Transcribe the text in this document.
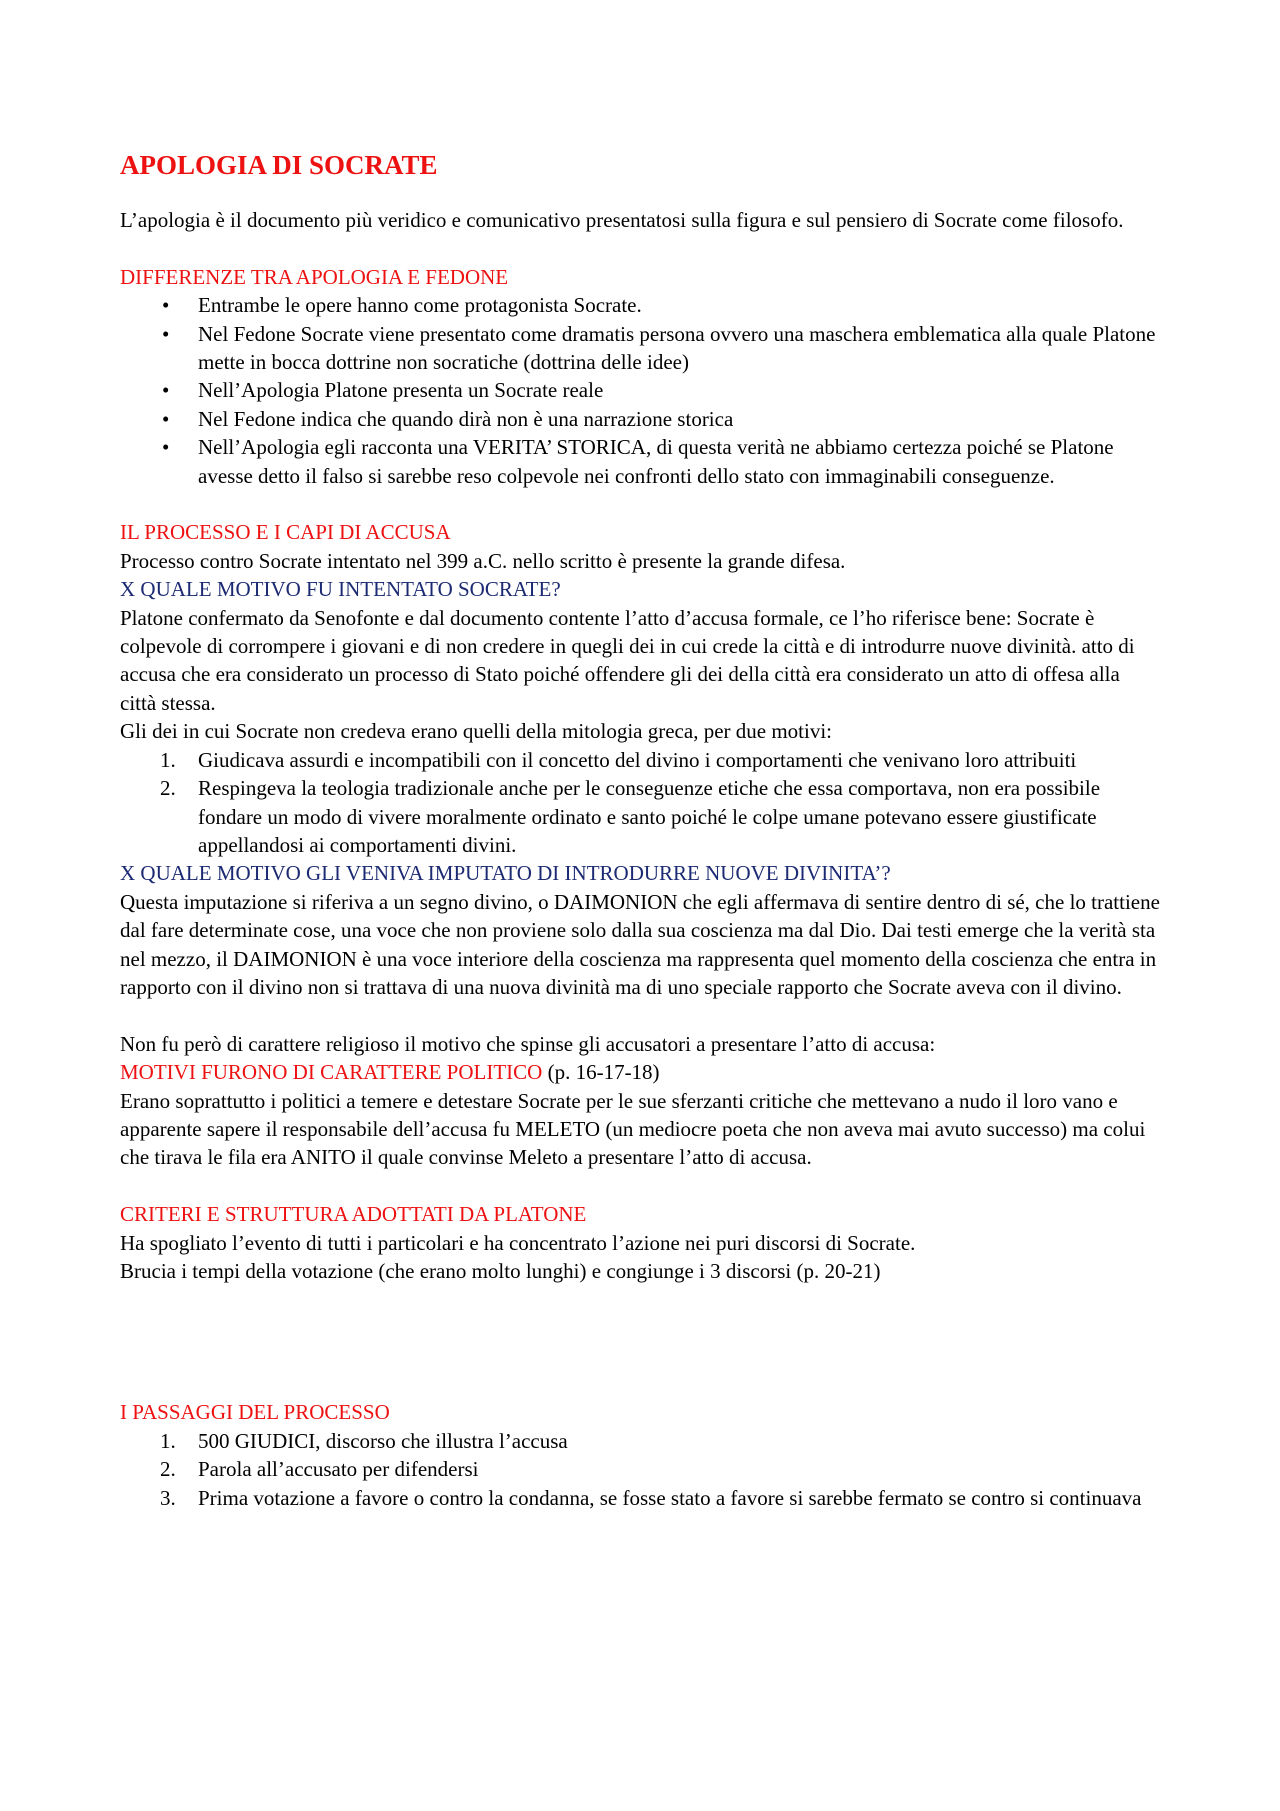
APOLOGIA DI SOCRATE

L’apologia è il documento più veridico e comunicativo presentatosi sulla figura e sul pensiero di Socrate come filosofo.

DIFFERENZE TRA APOLOGIA E FEDONE

• Entrambe le opere hanno come protagonista Socrate.
• Nel Fedone Socrate viene presentato come dramatis persona ovvero una maschera emblematica alla quale Platone mette in bocca dottrine non socratiche (dottrina delle idee)
• Nell’Apologia Platone presenta un Socrate reale
• Nel Fedone indica che quando dirà non è una narrazione storica
• Nell’Apologia egli racconta una VERITA’ STORICA, di questa verità ne abbiamo certezza poiché se Platone avesse detto il falso si sarebbe reso colpevole nei confronti dello stato con immaginabili conseguenze.

IL PROCESSO E I CAPI DI ACCUSA

Processo contro Socrate intentato nel 399 a.C. nello scritto è presente la grande difesa.

X QUALE MOTIVO FU INTENTATO SOCRATE?

Platone confermato da Senofonte e dal documento contente l’atto d’accusa formale, ce l’ho riferisce bene: Socrate è colpevole di corrompere i giovani e di non credere in quegli dei in cui crede la città e di introdurre nuove divinità. atto di accusa che era considerato un processo di Stato poiché offendere gli dei della città era considerato un atto di offesa alla città stessa.

Gli dei in cui Socrate non credeva erano quelli della mitologia greca, per due motivi:

1. Giudicava assurdi e incompatibili con il concetto del divino i comportamenti che venivano loro attribuiti
2. Respingeva la teologia tradizionale anche per le conseguenze etiche che essa comportava, non era possibile fondare un modo di vivere moralmente ordinato e santo poiché le colpe umane potevano essere giustificate appellandosi ai comportamenti divini.

X QUALE MOTIVO GLI VENIVA IMPUTATO DI INTRODURRE NUOVE DIVINITA’?

Questa imputazione si riferiva a un segno divino, o DAIMONION che egli affermava di sentire dentro di sé, che lo trattiene dal fare determinate cose, una voce che non proviene solo dalla sua coscienza ma dal Dio. Dai testi emerge che la verità sta nel mezzo, il DAIMONION è una voce interiore della coscienza ma rappresenta quel momento della coscienza che entra in rapporto con il divino non si trattava di una nuova divinità ma di uno speciale rapporto che Socrate aveva con il divino.

Non fu però di carattere religioso il motivo che spinse gli accusatori a presentare l’atto di accusa:

MOTIVI FURONO DI CARATTERE POLITICO (p. 16-17-18)

Erano soprattutto i politici a temere e detestare Socrate per le sue sferzanti critiche che mettevano a nudo il loro vano e apparente sapere il responsabile dell’accusa fu MELETO (un mediocre poeta che non aveva mai avuto successo) ma colui che tirava le fila era ANITO il quale convinse Meleto a presentare l’atto di accusa.

CRITERI E STRUTTURA ADOTTATI DA PLATONE

Ha spogliato l’evento di tutti i particolari e ha concentrato l’azione nei puri discorsi di Socrate.

Brucia i tempi della votazione (che erano molto lunghi) e congiunge i 3 discorsi (p. 20-21)

I PASSAGGI DEL PROCESSO

1. 500 GIUDICI, discorso che illustra l’accusa
2. Parola all’accusato per difendersi
3. Prima votazione a favore o contro la condanna, se fosse stato a favore si sarebbe fermato se contro si continuava
